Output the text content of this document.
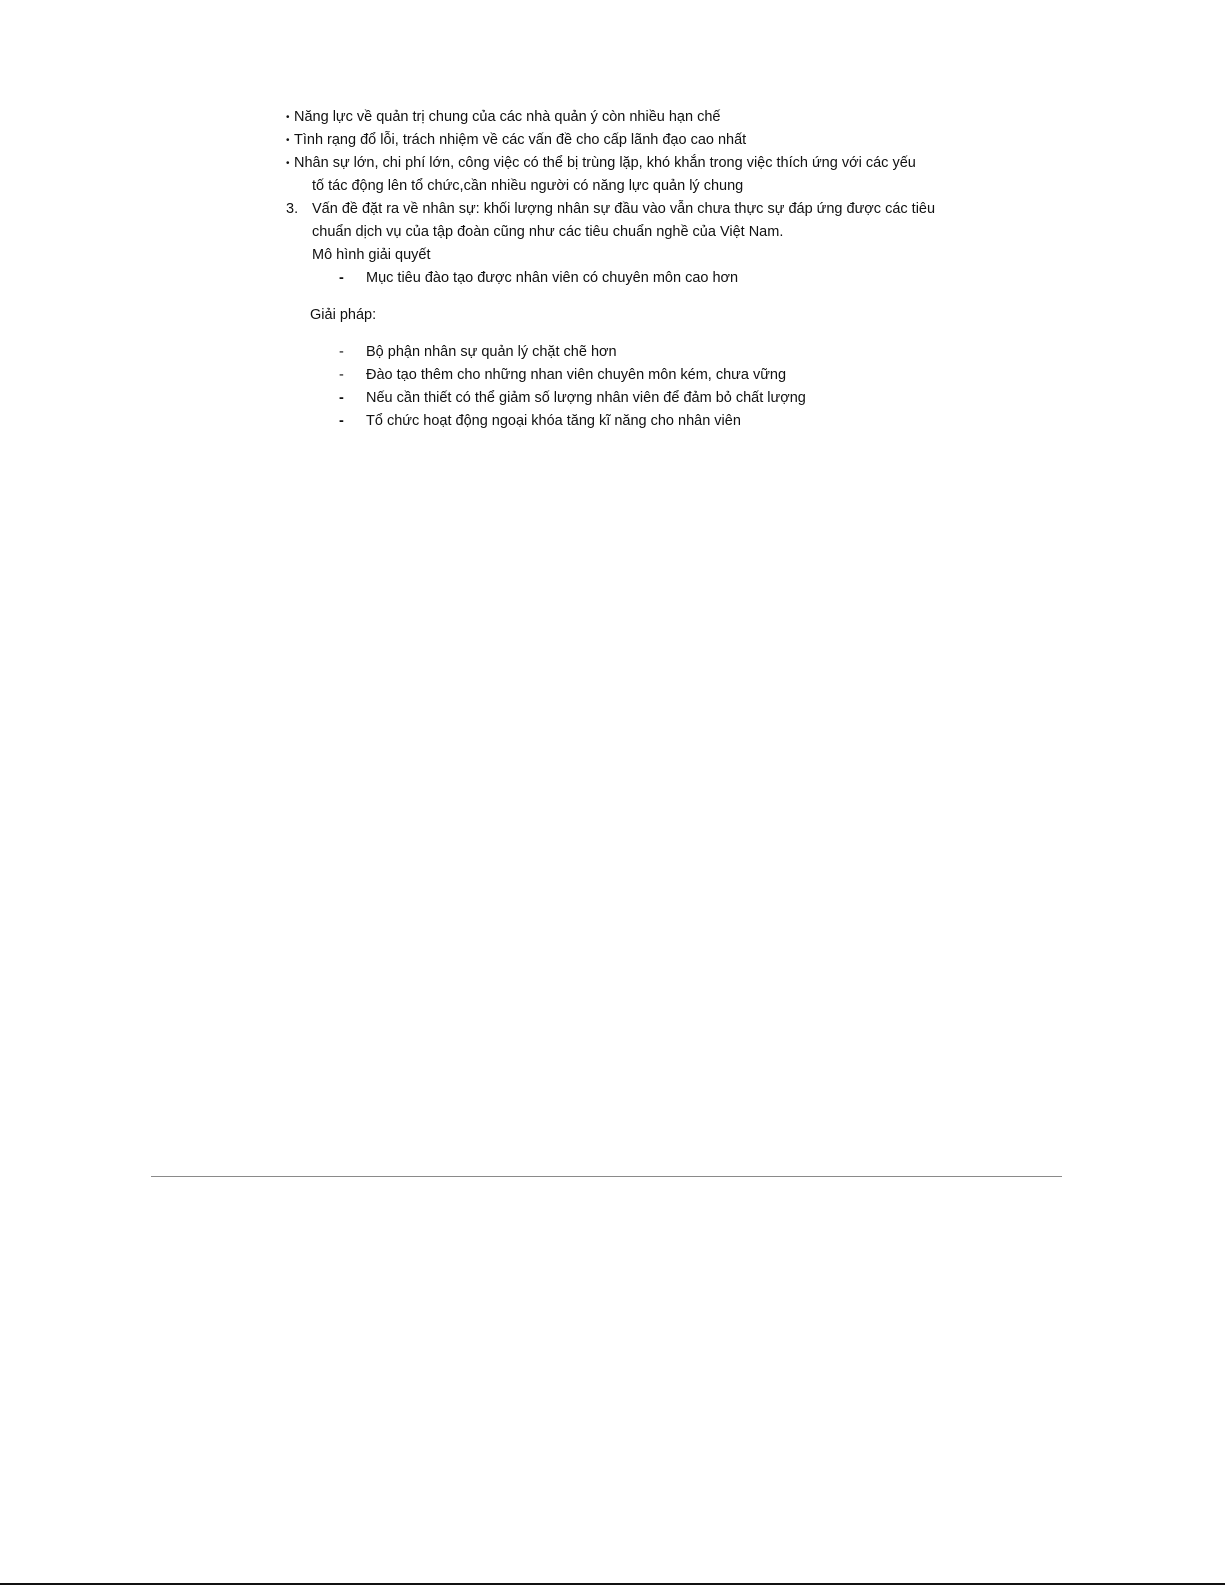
• Năng lực về quản trị chung của các nhà quản ý còn nhiều hạn chế
• Tình rạng đổ lỗi, trách nhiệm về các vấn đề cho cấp lãnh đạo cao nhất
• Nhân sự lớn, chi phí lớn, công việc có thể bị trùng lặp, khó khắn trong việc thích ứng với các yếu
tố tác động lên tổ chức,cần nhiều người có năng lực quản lý chung
3. Vấn đề đặt ra về nhân sự: khối lượng nhân sự đầu vào vẫn chưa thực sự đáp ứng được các tiêu
chuẩn dịch vụ của tập đoàn cũng như các tiêu chuẩn nghề của Việt Nam.
Mô hình giải quyết
- Mục tiêu đào tạo được nhân viên có chuyên môn cao hơn
Giải pháp:
- Bộ phận nhân sự quản lý chặt chẽ hơn
- Đào tạo thêm cho những nhan viên chuyên môn kém, chưa vững
- Nếu cần thiết có thể giảm số lượng nhân viên để đảm bỏ chất lượng
- Tổ chức hoạt động ngoại khóa tăng kĩ năng cho nhân viên
